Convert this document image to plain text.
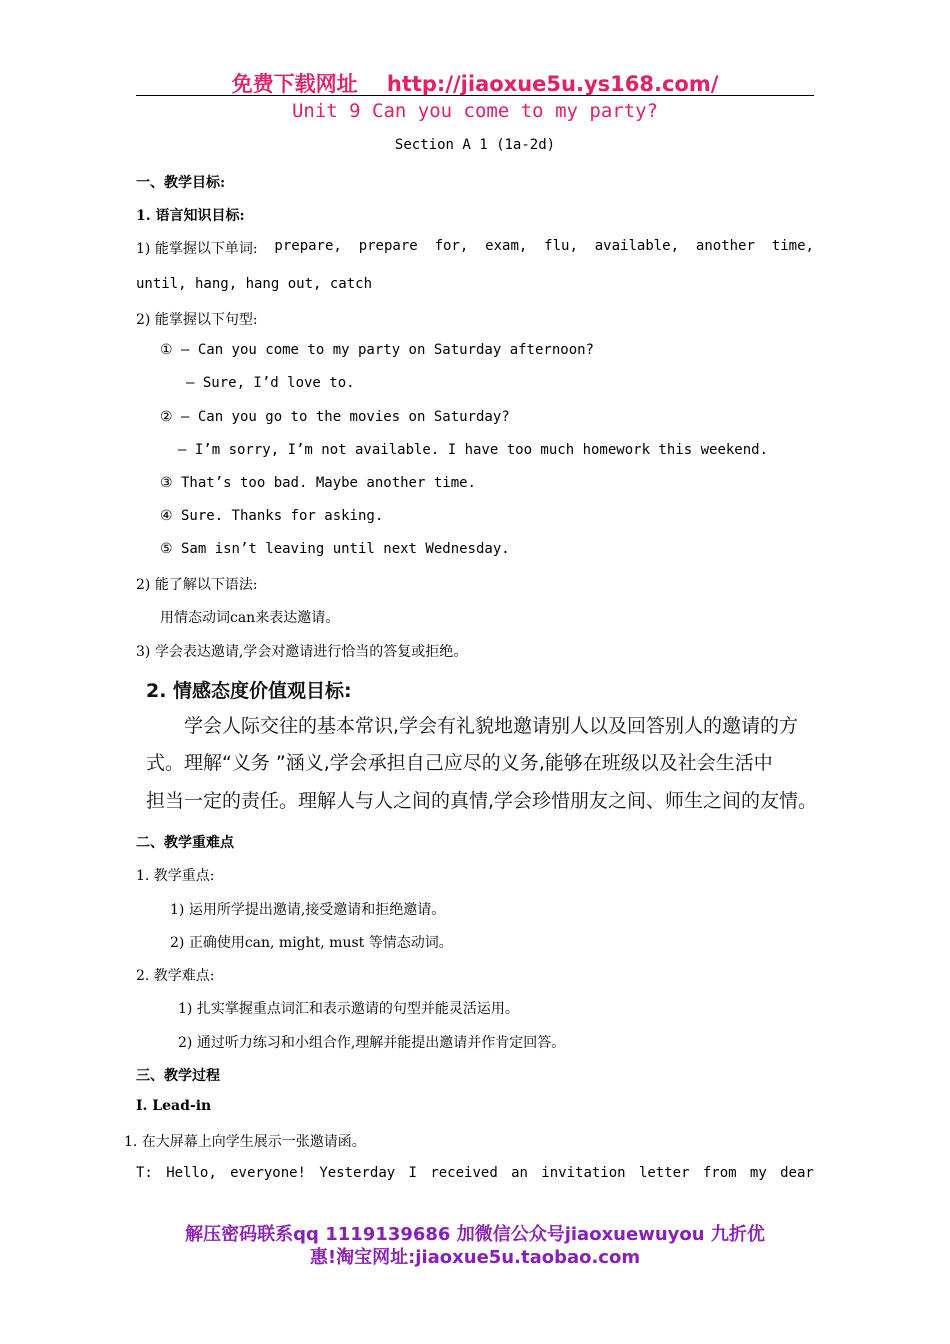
免费下载网址 http://jiaoxue5u.ys168.com/
Unit 9 Can you come to my party?
Section A 1 (1a-2d)
一、教学目标:
1. 语言知识目标:
1) 能掌握以下单词: prepare, prepare for, exam, flu, available, another time,
until, hang, hang out, catch
2) 能掌握以下句型:
① — Can you come to my party on Saturday afternoon?
— Sure, I’d love to.
② — Can you go to the movies on Saturday?
— I’m sorry, I’m not available. I have too much homework this weekend.
③ That’s too bad. Maybe another time.
④ Sure. Thanks for asking.
⑤ Sam isn’t leaving until next Wednesday.
2) 能了解以下语法:
用情态动词can来表达邀请。
3) 学会表达邀请,学会对邀请进行恰当的答复或拒绝。
2. 情感态度价值观目标:
学会人际交往的基本常识,学会有礼貌地邀请别人以及回答别人的邀请的方
式。理解“义务 ”涵义,学会承担自己应尽的义务,能够在班级以及社会生活中
担当一定的责任。理解人与人之间的真情,学会珍惜朋友之间、师生之间的友情。
二、教学重难点
1. 教学重点:
1) 运用所学提出邀请,接受邀请和拒绝邀请。
2) 正确使用can, might, must 等情态动词。
2. 教学难点:
1) 扎实掌握重点词汇和表示邀请的句型并能灵活运用。
2) 通过听力练习和小组合作,理解并能提出邀请并作肯定回答。
三、教学过程
Ⅰ. Lead-in
1. 在大屏幕上向学生展示一张邀请函。
T: Hello, everyone! Yesterday I received an invitation letter from my dear
解压密码联系qq 1119139686 加微信公众号jiaoxuewuyou 九折优
惠!淘宝网址:jiaoxue5u.taobao.com
